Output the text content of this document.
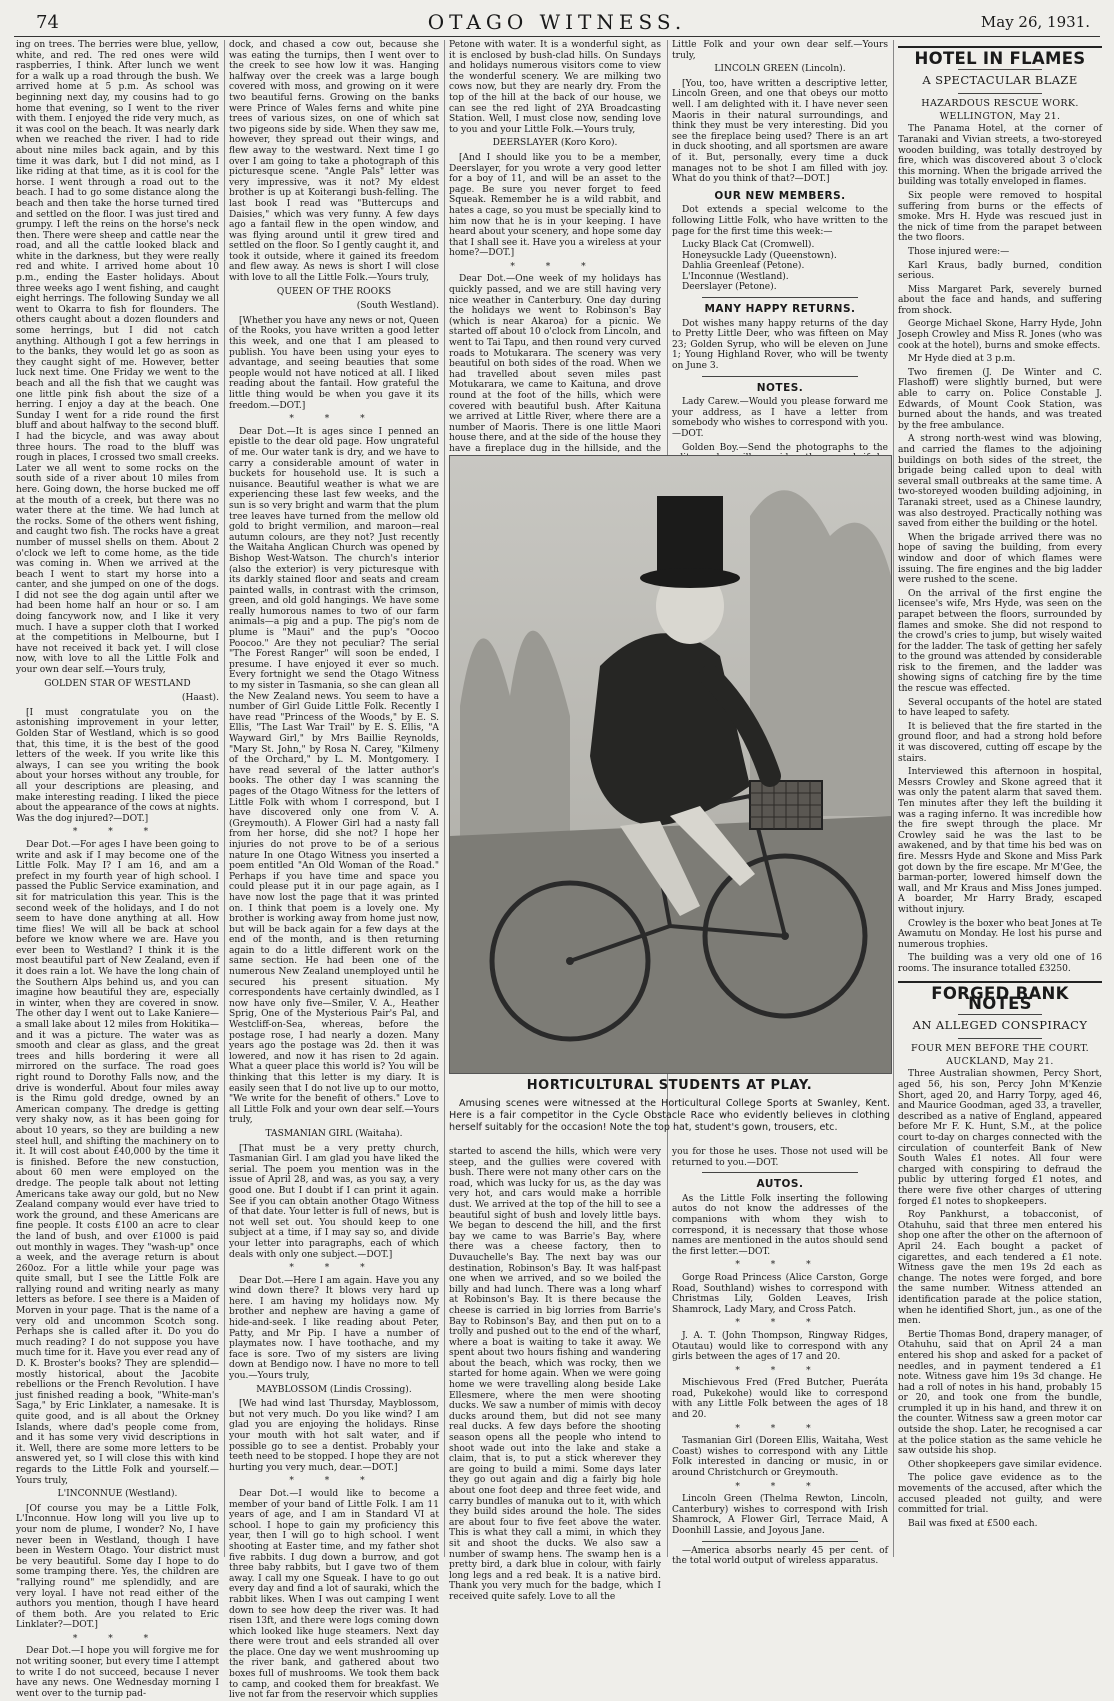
74	OTAGO WITNESS.	May 26, 1931.

ing on trees. The berries were blue, yellow, white, and red. The red ones were wild raspberries, I think. After lunch we went for a walk up a road through the bush. We arrived home at 5 p.m. As school was beginning next day, my cousins had to go home that evening, so I went to the river with them. I enjoyed the ride very much, as it was cool on the beach. It was nearly dark when we reached the river. I had to ride about nine miles back again, and by this time it was dark, but I did not mind, as I like riding at that time, as it is cool for the horse. I went through a road out to the beach. I had to go some distance along the beach and then take the horse turned tired and settled on the floor. I was just tired and grumpy. I left the reins on the horse's neck then. There were sheep and cattle near the road, and all the cattle looked black and white in the darkness, but they were really red and white. I arrived home about 10 p.m., ending the Easter holidays. About three weeks ago I went fishing, and caught eight herrings. The following Sunday we all went to Okarra to fish for flounders. The others caught about a dozen flounders and some herrings, but I did not catch anything. Although I got a few herrings in to the banks, they would let go as soon as they caught sight of me. However, better luck next time. One Friday we went to the beach and all the fish that we caught was one little pink fish about the size of a herring. I enjoy a day at the beach. One Sunday I went for a ride round the first bluff and about halfway to the second bluff. I had the bicycle, and was away about three hours. The road to the bluff was rough in places, I crossed two small creeks. Later we all went to some rocks on the south side of a river about 10 miles from here. Going down, the horse bucked me off at the mouth of a creek, but there was no water there at the time. We had lunch at the rocks. Some of the others went fishing, and caught two fish. The rocks have a great number of mussel shells on them. About 2 o'clock we left to come home, as the tide was coming in. When we arrived at the beach I went to start my horse into a canter, and she jumped on one of the dogs. I did not see the dog again until after we had been home half an hour or so. I am doing fancywork now, and I like it very much. I have a supper cloth that I worked at the competitions in Melbourne, but I have not received it back yet. I will close now, with love to all the Little Folk and your own dear self.—Yours truly,

GOLDEN STAR OF WESTLAND

(Haast).

[I must congratulate you on the astonishing improvement in your letter, Golden Star of Westland, which is so good that, this time, it is the best of the good letters of the week. If you write like this always, I can see you writing the book about your horses without any trouble, for all your descriptions are pleasing, and make interesting reading. I liked the piece about the appearance of the cows at nights. Was the dog injured?—DOT.]

* * *

Dear Dot.—For ages I have been going to write and ask if I may become one of the Little Folk. May I? I am 16, and am a prefect in my fourth year of high school. I passed the Public Service examination, and sit for matriculation this year. This is the second week of the holidays, and I do not seem to have done anything at all. How time flies! We will all be back at school before we know where we are. Have you ever been to Westland? I think it is the most beautiful part of New Zealand, even if it does rain a lot. We have the long chain of the Southern Alps behind us, and you can imagine how beautiful they are, especially in winter, when they are covered in snow. The other day I went out to Lake Kaniere—a small lake about 12 miles from Hokitika—and it was a picture. The water was as smooth and clear as glass, and the great trees and hills bordering it were all mirrored on the surface. The road goes right round to Dorothy Falls now, and the drive is wonderful. About four miles away is the Rimu gold dredge, owned by an American company. The dredge is getting very shaky now, as it has been going for about 10 years, so they are building a new steel hull, and shifting the machinery on to it. It will cost about £40,000 by the time it is finished. Before the new constuction, about 60 men were employed on the dredge. The people talk about not letting Americans take away our gold, but no New Zealand company would ever have tried to work the ground, and these Americans are fine people. It costs £100 an acre to clear the land of bush, and over £1000 is paid out monthly in wages. They "wash-up" once a week, and the average return is about 260oz. For a little while your page was quite small, but I see the Little Folk are rallying round and writing nearly as many letters as before. I see there is a Maiden of Morven in your page. That is the name of a very old and uncommon Scotch song. Perhaps she is called after it. Do you do much reading? I do not suppose you have much time for it. Have you ever read any of D. K. Broster's books? They are splendid—mostly historical, about the Jacobite rebellions or the French Revolution. I have just finished reading a book, "White-man's Saga," by Eric Linklater, a namesake. It is quite good, and is all about the Orkney Islands, where dad's people come from, and it has some very vivid descriptions in it. Well, there are some more letters to be answered yet, so I will close this with kind regards to the Little Folk and yourself.—Yours truly,

L'INCONNUE (Westland).

[Of course you may be a Little Folk, L'Inconnue. How long will you live up to your nom de plume, I wonder? No, I have never been in Westland, though I have been in Western Otago. Your district must be very beautiful. Some day I hope to do some tramping there. Yes, the children are "rallying round" me splendidly, and are very loyal. I have not read either of the authors you mention, though I have heard of them both. Are you related to Eric Linklater?—DOT.]

* * *

Dear Dot.—I hope you will forgive me for not writing sooner, but every time I attempt to write I do not succeed, because I never have any news. One Wednesday morning I went over to the turnip pad-

dock, and chased a cow out, because she was eating the turnips, then I went over to the creek to see how low it was. Hanging halfway over the creek was a large bough covered with moss, and growing on it were two beautiful ferns. Growing on the banks were Prince of Wales ferns and white pine trees of various sizes, on one of which sat two pigeons side by side. When they saw me, however, they spread out their wings, and flew away to the westward. Next time I go over I am going to take a photograph of this picturesque scene. "Angle Pals" letter was very impressive, was it not? My eldest brother is up at Koiterangi bush-felling. The last book I read was "Buttercups and Daisies," which was very funny. A few days ago a fantail flew in the open window, and was flying around until it grew tired and settled on the floor. So I gently caught it, and took it outside, where it gained its freedom and flew away. As news is short I will close with love to all the Little Folk.—Yours truly,

QUEEN OF THE ROOKS

(South Westland).

[Whether you have any news or not, Queen of the Rooks, you have written a good letter this week, and one that I am pleased to publish. You have been using your eyes to advantage, and seeing beauties that some people would not have noticed at all. I liked reading about the fantail. How grateful the little thing would be when you gave it its freedom.—DOT.]

* * *

Dear Dot.—It is ages since I penned an epistle to the dear old page. How ungrateful of me. Our water tank is dry, and we have to carry a considerable amount of water in buckets for household use. It is such a nuisance. Beautiful weather is what we are experiencing these last few weeks, and the sun is so very bright and warm that the plum tree leaves have turned from the mellow old gold to bright vermilion, and maroon—real autumn colours, are they not? Just recently the Waitaha Anglican Church was opened by Bishop West-Watson. The church's interior (also the exterior) is very picturesque with its darkly stained floor and seats and cream painted walls, in contrast with the crimson, green, and old gold hangings. We have some really humorous names to two of our farm animals—a pig and a pup. The pig's nom de plume is "Maui" and the pup's "Oocoo Poocoo." Are they not peculiar? The serial "The Forest Ranger" will soon be ended, I presume. I have enjoyed it ever so much. Every fortnight we send the Otago Witness to my sister in Tasmania, so she can glean all the New Zealand news. You seem to have a number of Girl Guide Little Folk. Recently I have read "Princess of the Woods," by E. S. Ellis, "The Last War Trail" by E. S. Ellis, "A Wayward Girl," by Mrs Baillie Reynolds, "Mary St. John," by Rosa N. Carey, "Kilmeny of the Orchard," by L. M. Montgomery. I have read several of the latter author's books. The other day I was scanning the pages of the Otago Witness for the letters of Little Folk with whom I correspond, but I have discovered only one from V. A. (Greymouth). A Flower Girl had a nasty fall from her horse, did she not? I hope her injuries do not prove to be of a serious nature In one Otago Witness you inserted a poem entitled "An Old Woman of the Road." Perhaps if you have time and space you could please put it in our page again, as I have now lost the page that it was printed on. I think that poem is a lovely one. My brother is working away from home just now, but will be back again for a few days at the end of the month, and is then returning again to do a little different work on the same section. He had been one of the numerous New Zealand unemployed until he secured his present situation. My correspondents have certainly dwindled, as I now have only five—Smiler, V. A., Heather Sprig, One of the Mysterious Pair's Pal, and Westcliff-on-Sea, whereas, before the postage rose, I had nearly a dozen. Many years ago the postage was 2d. then it was lowered, and now it has risen to 2d again. What a queer place this world is? You will be thinking that this letter is my diary. It is easily seen that I do not live up to our motto, "We write for the benefit of others." Love to all Little Folk and your own dear self.—Yours truly,

TASMANIAN GIRL (Waitaha).

[That must be a very pretty church, Tasmanian Girl. I am glad you have liked the serial. The poem you mention was in the issue of April 28, and was, as you say, a very good one. But I doubt if I can print it again. See if you can obtain another Otago Witness of that date. Your letter is full of news, but is not well set out. You should keep to one subject at a time, if I may say so, and divide your letter into paragraphs, each of which deals with only one subject.—DOT.]

* * *

Dear Dot.—Here I am again. Have you any wind down there? It blows very hard up here. I am having my holidays now. My brother and nephew are having a game of hide-and-seek. I like reading about Peter, Patty, and Mr Pip. I have a number of playmates now. I have toothache, and my face is sore. Two of my sisters are living down at Bendigo now. I have no more to tell you.—Yours truly,

MAYBLOSSOM (Lindis Crossing).

[We had wind last Thursday, Mayblossom, but not very much. Do you like wind? I am glad you are enjoying the holidays. Rinse your mouth with hot salt water, and if possible go to see a dentist. Probably your teeth need to be stopped. I hope they are not hurting you very much, dear.—DOT.]

* * *

Dear Dot.—I would like to become a member of your band of Little Folk. I am 11 years of age, and I am in Standard VI at school. I hope to gain my proficiency this year, then I will go to high school. I went shooting at Easter time, and my father shot five rabbits. I dug down a burrow, and got three baby rabbits, but I gave two of them away. I call my one Squeak. I have to go out every day and find a lot of sauraki, which the rabbit likes. When I was out camping I went down to see how deep the river was. It had risen 13ft, and there were logs coming down which looked like huge steamers. Next day there were trout and eels stranded all over the place. One day we went mushrooming up the river bank, and gathered about two boxes full of mushrooms. We took them back to camp, and cooked them for breakfast. We live not far from the reservoir which supplies

Petone with water. It is a wonderful sight, as it is enclosed by bush-clad hills. On Sundays and holidays numerous visitors come to view the wonderful scenery. We are milking two cows now, but they are nearly dry. From the top of the hill at the back of our house, we can see the red light of 2YA Broadcasting Station. Well, I must close now, sending love to you and your Little Folk.—Yours truly,

DEERSLAYER (Koro Koro).

[And I should like you to be a member, Deerslayer, for you wrote a very good letter for a boy of 11, and will be an asset to the page. Be sure you never forget to feed Squeak. Remember he is a wild rabbit, and hates a cage, so you must be specially kind to him now that he is in your keeping. I have heard about your scenery, and hope some day that I shall see it. Have you a wireless at your home?—DOT.]

* * *

Dear Dot.—One week of my holidays has quickly passed, and we are still having very nice weather in Canterbury. One day during the holidays we went to Robinson's Bay (which is near Akaroa) for a picnic. We started off about 10 o'clock from Lincoln, and went to Tai Tapu, and then round very curved roads to Motukarara. The scenery was very beautiful on both sides of the road. When we had travelled about seven miles past Motukarara, we came to Kaituna, and drove round at the foot of the hills, which were covered with beautiful bush. After Kaituna we arrived at Little River, where there are a number of Maoris. There is one little Maori house there, and at the side of the house they have a fireplace dug in the hillside, and the

Little Folk and your own dear self.—Yours truly,

LINCOLN GREEN (Lincoln).

[You, too, have written a descriptive letter, Lincoln Green, and one that obeys our motto well. I am delighted with it. I have never seen Maoris in their natural surroundings, and think they must be very interesting. Did you see the fireplace being used? There is an art in duck shooting, and all sportsmen are aware of it. But, personally, every time a duck manages not to be shot I am filled with joy. What do you think of that?—DOT.]

OUR NEW MEMBERS.

Dot extends a special welcome to the following Little Folk, who have written to the page for the first time this week:—

Lucky Black Cat (Cromwell).
Honeysuckle Lady (Queenstown).
Dahlia Greenleaf (Petone).
L'Inconnue (Westland).
Deerslayer (Petone).
MANY HAPPY RETURNS.

Dot wishes many happy returns of the day to Pretty Little Deer, who was fifteen on May 23; Golden Syrup, who will be eleven on June 1; Young Highland Rover, who will be twenty on June 3.

NOTES.

Lady Carew.—Would you please forward me your address, as I have a letter from somebody who wishes to correspond with you.—DOT.

Golden Boy.—Send the photographs to the

HORTICULTURAL STUDENTS AT PLAY.
Amusing scenes were witnessed at the Horticultural College Sports at Swanley, Kent. Here is a fair competitor in the Cycle Obstacle Race who evidently believes in clothing herself suitably for the occasion! Note the top hat, student's gown, trousers, etc.

started to ascend the hills, which were very steep, and the gullies were covered with bush. There were not many other cars on the road, which was lucky for us, as the day was very hot, and cars would make a horrible dust. We arrived at the top of the hill to see a beautiful sight of bush and lovely little bays. We began to descend the hill, and the first bay we came to was Barrie's Bay, where there was a cheese factory, then to Duvauchelle's Bay. The next bay was our destination, Robinson's Bay. It was half-past one when we arrived, and so we boiled the billy and had lunch. There was a long wharf at Robinson's Bay. It is there because the cheese is carried in big lorries from Barrie's Bay to Robinson's Bay, and then put on to a trolly and pushed out to the end of the wharf, where a boat is waiting to take it away. We spent about two hours fishing and wandering about the beach, which was rocky, then we started for home again. When we were going home we were travelling along beside Lake Ellesmere, where the men were shooting ducks. We saw a number of mimis with decoy ducks around them, but did not see many real ducks. A few days before the shooting season opens all the people who intend to shoot wade out into the lake and stake a claim, that is, to put a stick wherever they are going to build a mimi. Some days later they go out again and dig a fairly big hole about one foot deep and three feet wide, and carry bundles of manuka out to it, with which they build sides around the hole. The sides are about four to five feet above the water. This is what they call a mimi, in which they sit and shoot the ducks. We also saw a number of swamp hens. The swamp hen is a pretty bird, a dark blue in colour, with fairly long legs and a red beak. It is a native bird. Thank you very much for the badge, which I received quite safely. Love to all the

you for those he uses. Those not used will be returned to you.—DOT.

AUTOS.

As the Little Folk inserting the following autos do not know the addresses of the companions with whom they wish to correspond, it is necessary that those whose names are mentioned in the autos should send the first letter.—DOT.

* * *

Gorge Road Princess (Alice Carston, Gorge Road, Southland) wishes to correspond with Christmas Lily, Golden Leaves, Irish Shamrock, Lady Mary, and Cross Patch.

* * *

J. A. T. (John Thompson, Ringway Ridges, Otautau) would like to correspond with any girls between the ages of 17 and 20.

* * *

Mischievous Fred (Fred Butcher, Pueráta road, Pukekohe) would like to correspond with any Little Folk between the ages of 18 and 20.

* * *

Tasmanian Girl (Doreen Ellis, Waitaha, West Coast) wishes to correspond with any Little Folk interested in dancing or music, in or around Christchurch or Greymouth.

* * *

Lincoln Green (Thelma Rewton, Lincoln, Canterbury) wishes to correspond with Irish Shamrock, A Flower Girl, Terrace Maid, A Doonhill Lassie, and Joyous Jane.

—America absorbs nearly 45 per cent. of the total world output of wireless apparatus.

HOTEL IN FLAMES
A SPECTACULAR BLAZE
HAZARDOUS RESCUE WORK.
WELLINGTON, May 21.

The Panama Hotel, at the corner of Taranaki and Vivian streets, a two-storeyed wooden building, was totally destroyed by fire, which was discovered about 3 o'clock this morning. When the brigade arrived the building was totally enveloped in flames.

Six people were removed to hospital suffering from burns or the effects of smoke. Mrs H. Hyde was rescued just in the nick of time from the parapet between the two floors.

Those injured were:—

Karl Kraus, badly burned, condition serious.

Miss Margaret Park, severely burned about the face and hands, and suffering from shock.

George Michael Skone, Harry Hyde, John Joseph Crowley and Miss R. Jones (who was cook at the hotel), burns and smoke effects.

Mr Hyde died at 3 p.m.

Two firemen (J. De Winter and C. Flashoff) were slightly burned, but were able to carry on. Police Constable J. Edwards, of Mount Cook Station, was burned about the hands, and was treated by the free ambulance.

A strong north-west wind was blowing, and carried the flames to the adjoining buildings on both sides of the street, the brigade being called upon to deal with several small outbreaks at the same time. A two-storeyed wooden building adjoining, in Taranaki street, used as a Chinese laundry, was also destroyed. Practically nothing was saved from either the building or the hotel.

When the brigade arrived there was no hope of saving the building, from every window and door of which flames were issuing. The fire engines and the big ladder were rushed to the scene.

On the arrival of the first engine the licensee's wife, Mrs Hyde, was seen on the parapet between the floors, surrounded by flames and smoke. She did not respond to the crowd's cries to jump, but wisely waited for the ladder. The task of getting her safely to the ground was attended by considerable risk to the firemen, and the ladder was showing signs of catching fire by the time the rescue was effected.

Several occupants of the hotel are stated to have leaped to safety.

It is believed that the fire started in the ground floor, and had a strong hold before it was discovered, cutting off escape by the stairs.

Interviewed this afternoon in hospital, Messrs Crowley and Skone agreed that it was only the patent alarm that saved them. Ten minutes after they left the building it was a raging inferno. It was incredible how the fire swept through the place. Mr Crowley said he was the last to be awakened, and by that time his bed was on fire. Messrs Hyde and Skone and Miss Park got down by the fire escape. Mr M'Gee, the barman-porter, lowered himself down the wall, and Mr Kraus and Miss Jones jumped. A boarder, Mr Harry Brady, escaped without injury.

Crowley is the boxer who beat Jones at Te Awamutu on Monday. He lost his purse and numerous trophies.

The building was a very old one of 16 rooms. The insurance totalled £3250.

FORGED BANK NOTES
AN ALLEGED CONSPIRACY
FOUR MEN BEFORE THE COURT.
AUCKLAND, May 21.

Three Australian showmen, Percy Short, aged 56, his son, Percy John M'Kenzie Short, aged 20, and Harry Torpy, aged 46, and Maurice Goodman, aged 33, a traveller, described as a native of England, appeared before Mr F. K. Hunt, S.M., at the police court to-day on charges connected with the circulation of counterfeit Bank of New South Wales £1 notes. All four were charged with conspiring to defraud the public by uttering forged £1 notes, and there were five other charges of uttering forged £1 notes to shopkeepers.

Roy Pankhurst, a tobacconist, of Otahuhu, said that three men entered his shop one after the other on the afternoon of April 24. Each bought a packet of cigarettes, and each tendered a £1 note. Witness gave the men 19s 2d each as change. The notes were forged, and bore the same number. Witness attended an identification parade at the police station, when he identified Short, jun., as one of the men.

Bertie Thomas Bond, drapery manager, of Otahuhu, said that on April 24 a man entered his shop and asked for a packet of needles, and in payment tendered a £1 note. Witness gave him 19s 3d change. He had a roll of notes in his hand, probably 15 or 20, and took one from the bundle, crumpled it up in his hand, and threw it on the counter. Witness saw a green motor car outside the shop. Later, he recognised a car at the police station as the same vehicle he saw outside his shop.

Other shopkeepers gave similar evidence.

The police gave evidence as to the movements of the accused, after which the accused pleaded not guilty, and were committed for trial.

Bail was fixed at £500 each.
